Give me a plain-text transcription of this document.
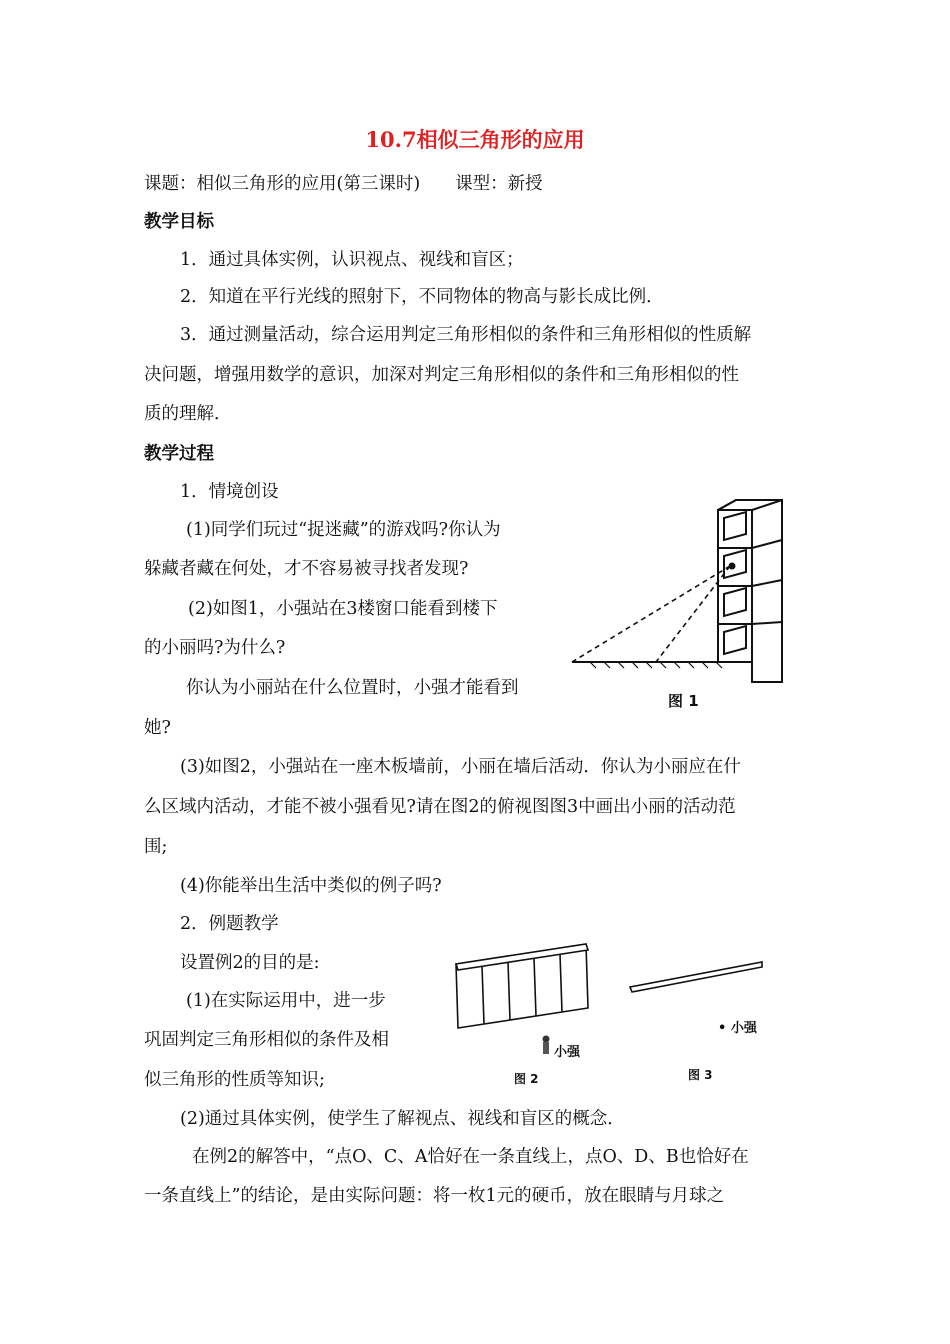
10.7相似三角形的应用
课题：相似三角形的应用(第三课时)　　课型：新授
教学目标
1．通过具体实例，认识视点、视线和盲区；
2．知道在平行光线的照射下，不同物体的物高与影长成比例．
3．通过测量活动，综合运用判定三角形相似的条件和三角形相似的性质解
决问题，增强用数学的意识，加深对判定三角形相似的条件和三角形相似的性
质的理解．
教学过程
1．情境创设
(1)同学们玩过“捉迷藏”的游戏吗?你认为
躲藏者藏在何处，才不容易被寻找者发现?
(2)如图1，小强站在3楼窗口能看到楼下
的小丽吗?为什么?
你认为小丽站在什么位置时，小强才能看到
她?
(3)如图2，小强站在一座木板墙前，小丽在墙后活动．你认为小丽应在什
么区域内活动，才能不被小强看见?请在图2的俯视图图3中画出小丽的活动范
围;
(4)你能举出生活中类似的例子吗?
2．例题教学
设置例2的目的是:
(1)在实际运用中，进一步
巩固判定三角形相似的条件及相
似三角形的性质等知识;
(2)通过具体实例，使学生了解视点、视线和盲区的概念．
在例2的解答中，“点O、C、A恰好在一条直线上，点O、D、B也恰好在
一条直线上”的结论，是由实际问题：将一枚1元的硬币，放在眼睛与月球之
图 1
小强
图 2
• 小强
图 3
